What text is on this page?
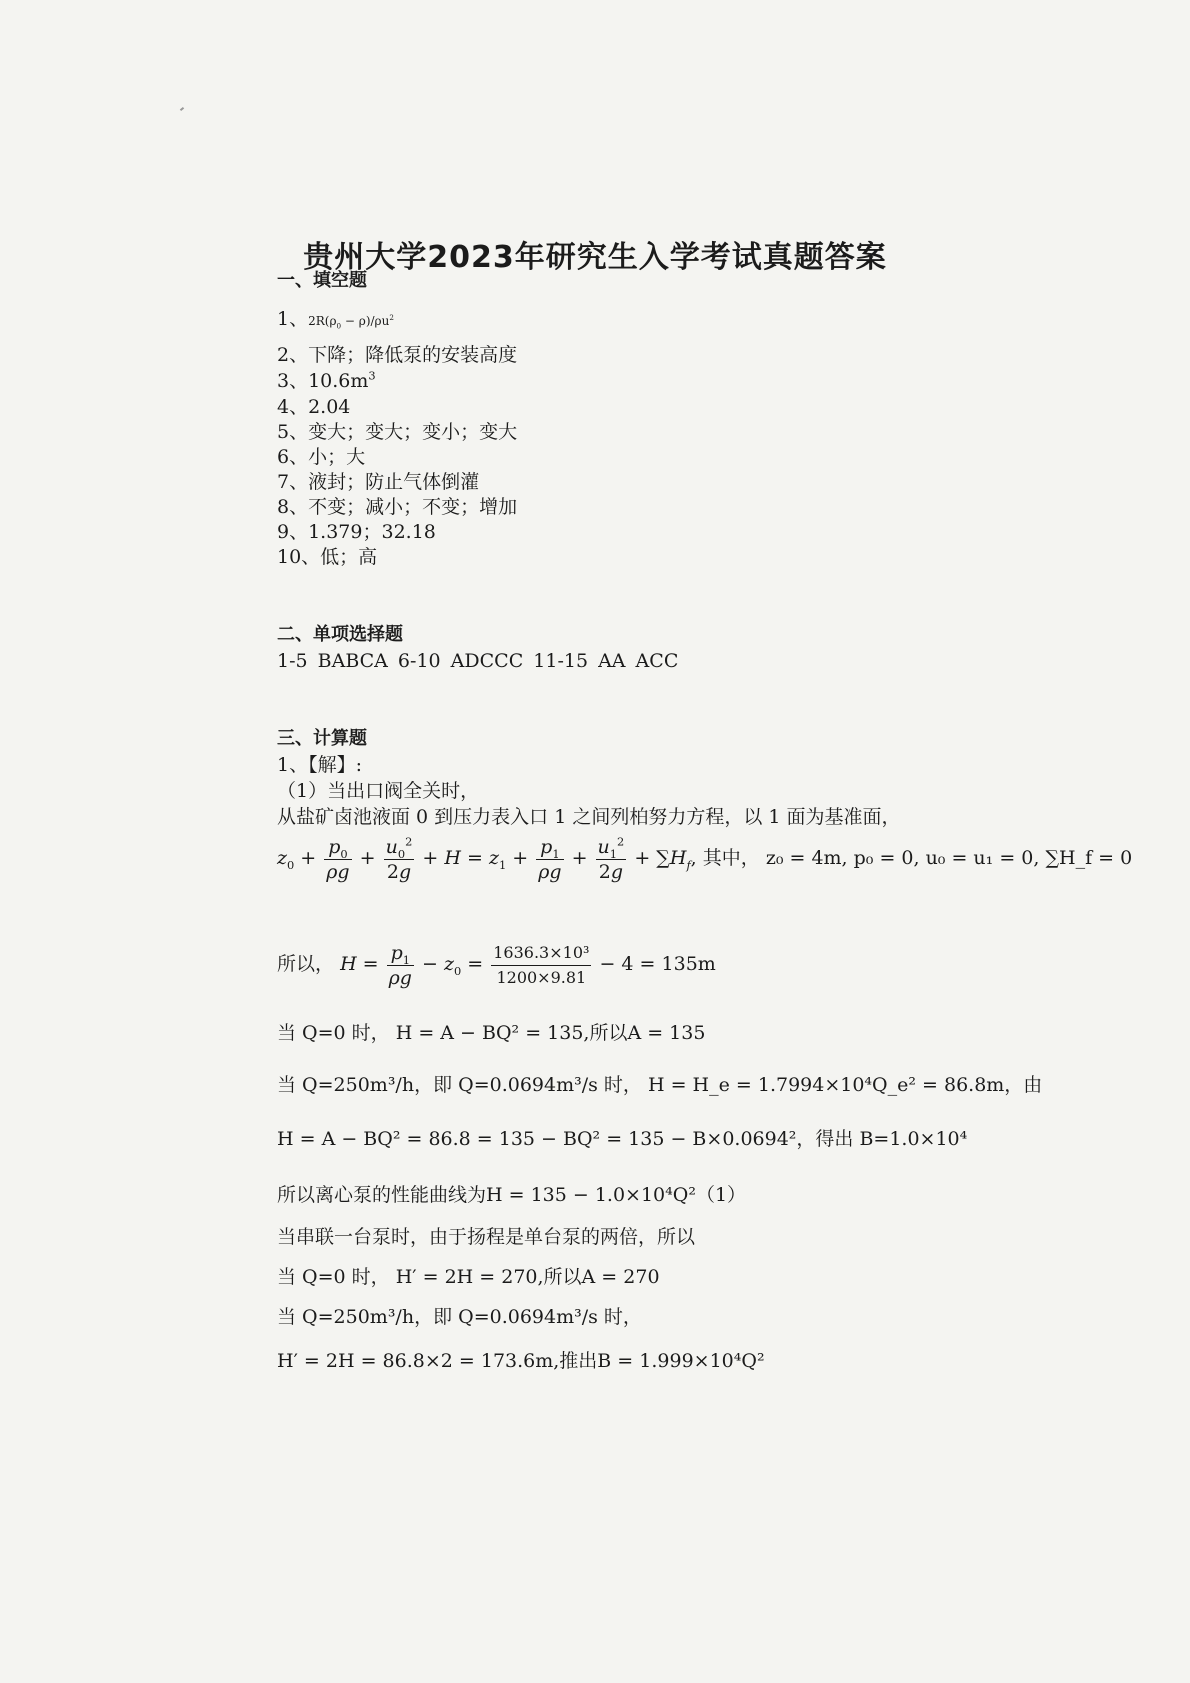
贵州大学2023年研究生入学考试真题答案
一、填空题
1、$2R(\rho_0 - \rho)/\rho u^2$
2、下降；降低泵的安装高度
3、$10.6m^3$
4、2.04
5、变大；变大；变小；变大
6、小；大
7、液封；防止气体倒灌
8、不变；减小；不变；增加
9、1.379；32.18
10、低；高
二、单项选择题
1-5 BABCA 6-10 ADCCC 11-15 AA ACC
三、计算题
1、【解】:
（1）当出口阀全关时，
从盐矿卤池液面 0 到压力表入口 1 之间列柏努力方程，以 1 面为基准面，
$z_0 + \frac{p_0}{\rho g} + \frac{u_0^2}{2g} + H = z_1 + \frac{p_1}{\rho g} + \frac{u_1^2}{2g} + \sum H_f$, 其中， z₀ = 4m, p₀ = 0, u₀ = u₁ = 0, ∑H_f = 0
所以， $H = \frac{p_1}{\rho g} - z_0 = \frac{\text{1636.3×10³}}{1200\times 9.81} - 4 = 135m$
当 Q=0 时， H = A − BQ² = 135,所以A = 135
当 Q=250m³/h，即 Q=0.0694m³/s 时， H = H_e = 1.7994×10⁴Q_e² = 86.8m，由
H = A − BQ² = 86.8 = 135 − BQ² = 135 − B×0.0694²，得出 B=1.0×10⁴
所以离心泵的性能曲线为H = 135 − 1.0×10⁴Q²（1）
当串联一台泵时，由于扬程是单台泵的两倍，所以
当 Q=0 时， H′ = 2H = 270,所以A = 270
当 Q=250m³/h，即 Q=0.0694m³/s 时，
H′ = 2H = 86.8×2 = 173.6m,推出B = 1.999×10⁴Q²
